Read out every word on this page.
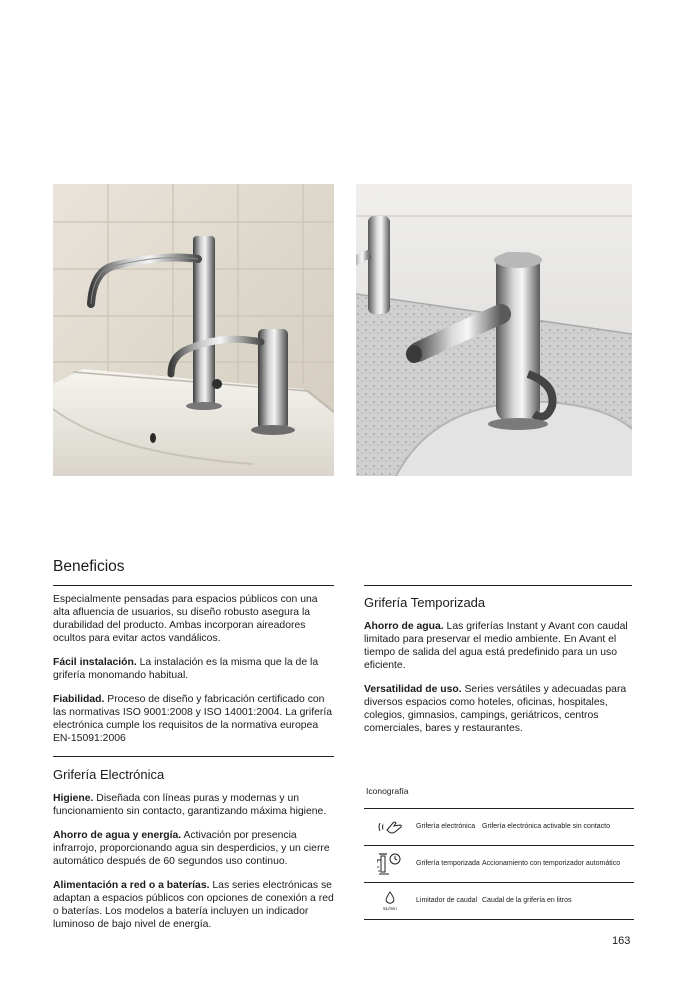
Beneficios

Especialmente pensadas para espacios públicos con una alta afluencia de usuarios, su diseño robusto asegura la durabilidad del producto. Ambas incorporan aireadores ocultos para evitar actos vandálicos.

Fácil instalación. La instalación es la misma que la de la grifería monomando habitual.

Fiabilidad. Proceso de diseño y fabricación certificado con las normativas ISO 9001:2008 y ISO 14001:2004. La grifería electrónica cumple los requisitos de la normativa europea EN-15091:2006

Grifería Electrónica

Higiene. Diseñada con líneas puras y modernas y un funcionamiento sin contacto, garantizando máxima higiene.

Ahorro de agua y energía. Activación por presencia infrarrojo, proporcionando agua sin desperdicios, y un cierre automático después de 60 segundos uso continuo.

Alimentación a red o a baterías. Las series electrónicas se adaptan a espacios públicos con opciones de conexión a red o baterías. Los modelos a batería incluyen un indicador luminoso de bajo nivel de energía.

Grifería Temporizada

Ahorro de agua. Las griferías Instant y Avant con caudal limitado para preservar el medio ambiente. En Avant el tiempo de salida del agua está predefinido para un uso eficiente.

Versatilidad de uso. Series versátiles y adecuadas para diversos espacios como hoteles, oficinas, hospitales, colegios, gimnasios, campings, geriátricos, centros comerciales, bares y restaurantes.

Iconografía
Grifería electrónica Grifería electrónica activable sin contacto
Grifería temporizada Accionamiento con temporizador automático
5L/min
Limitador de caudal Caudal de la grifería en litros
163
